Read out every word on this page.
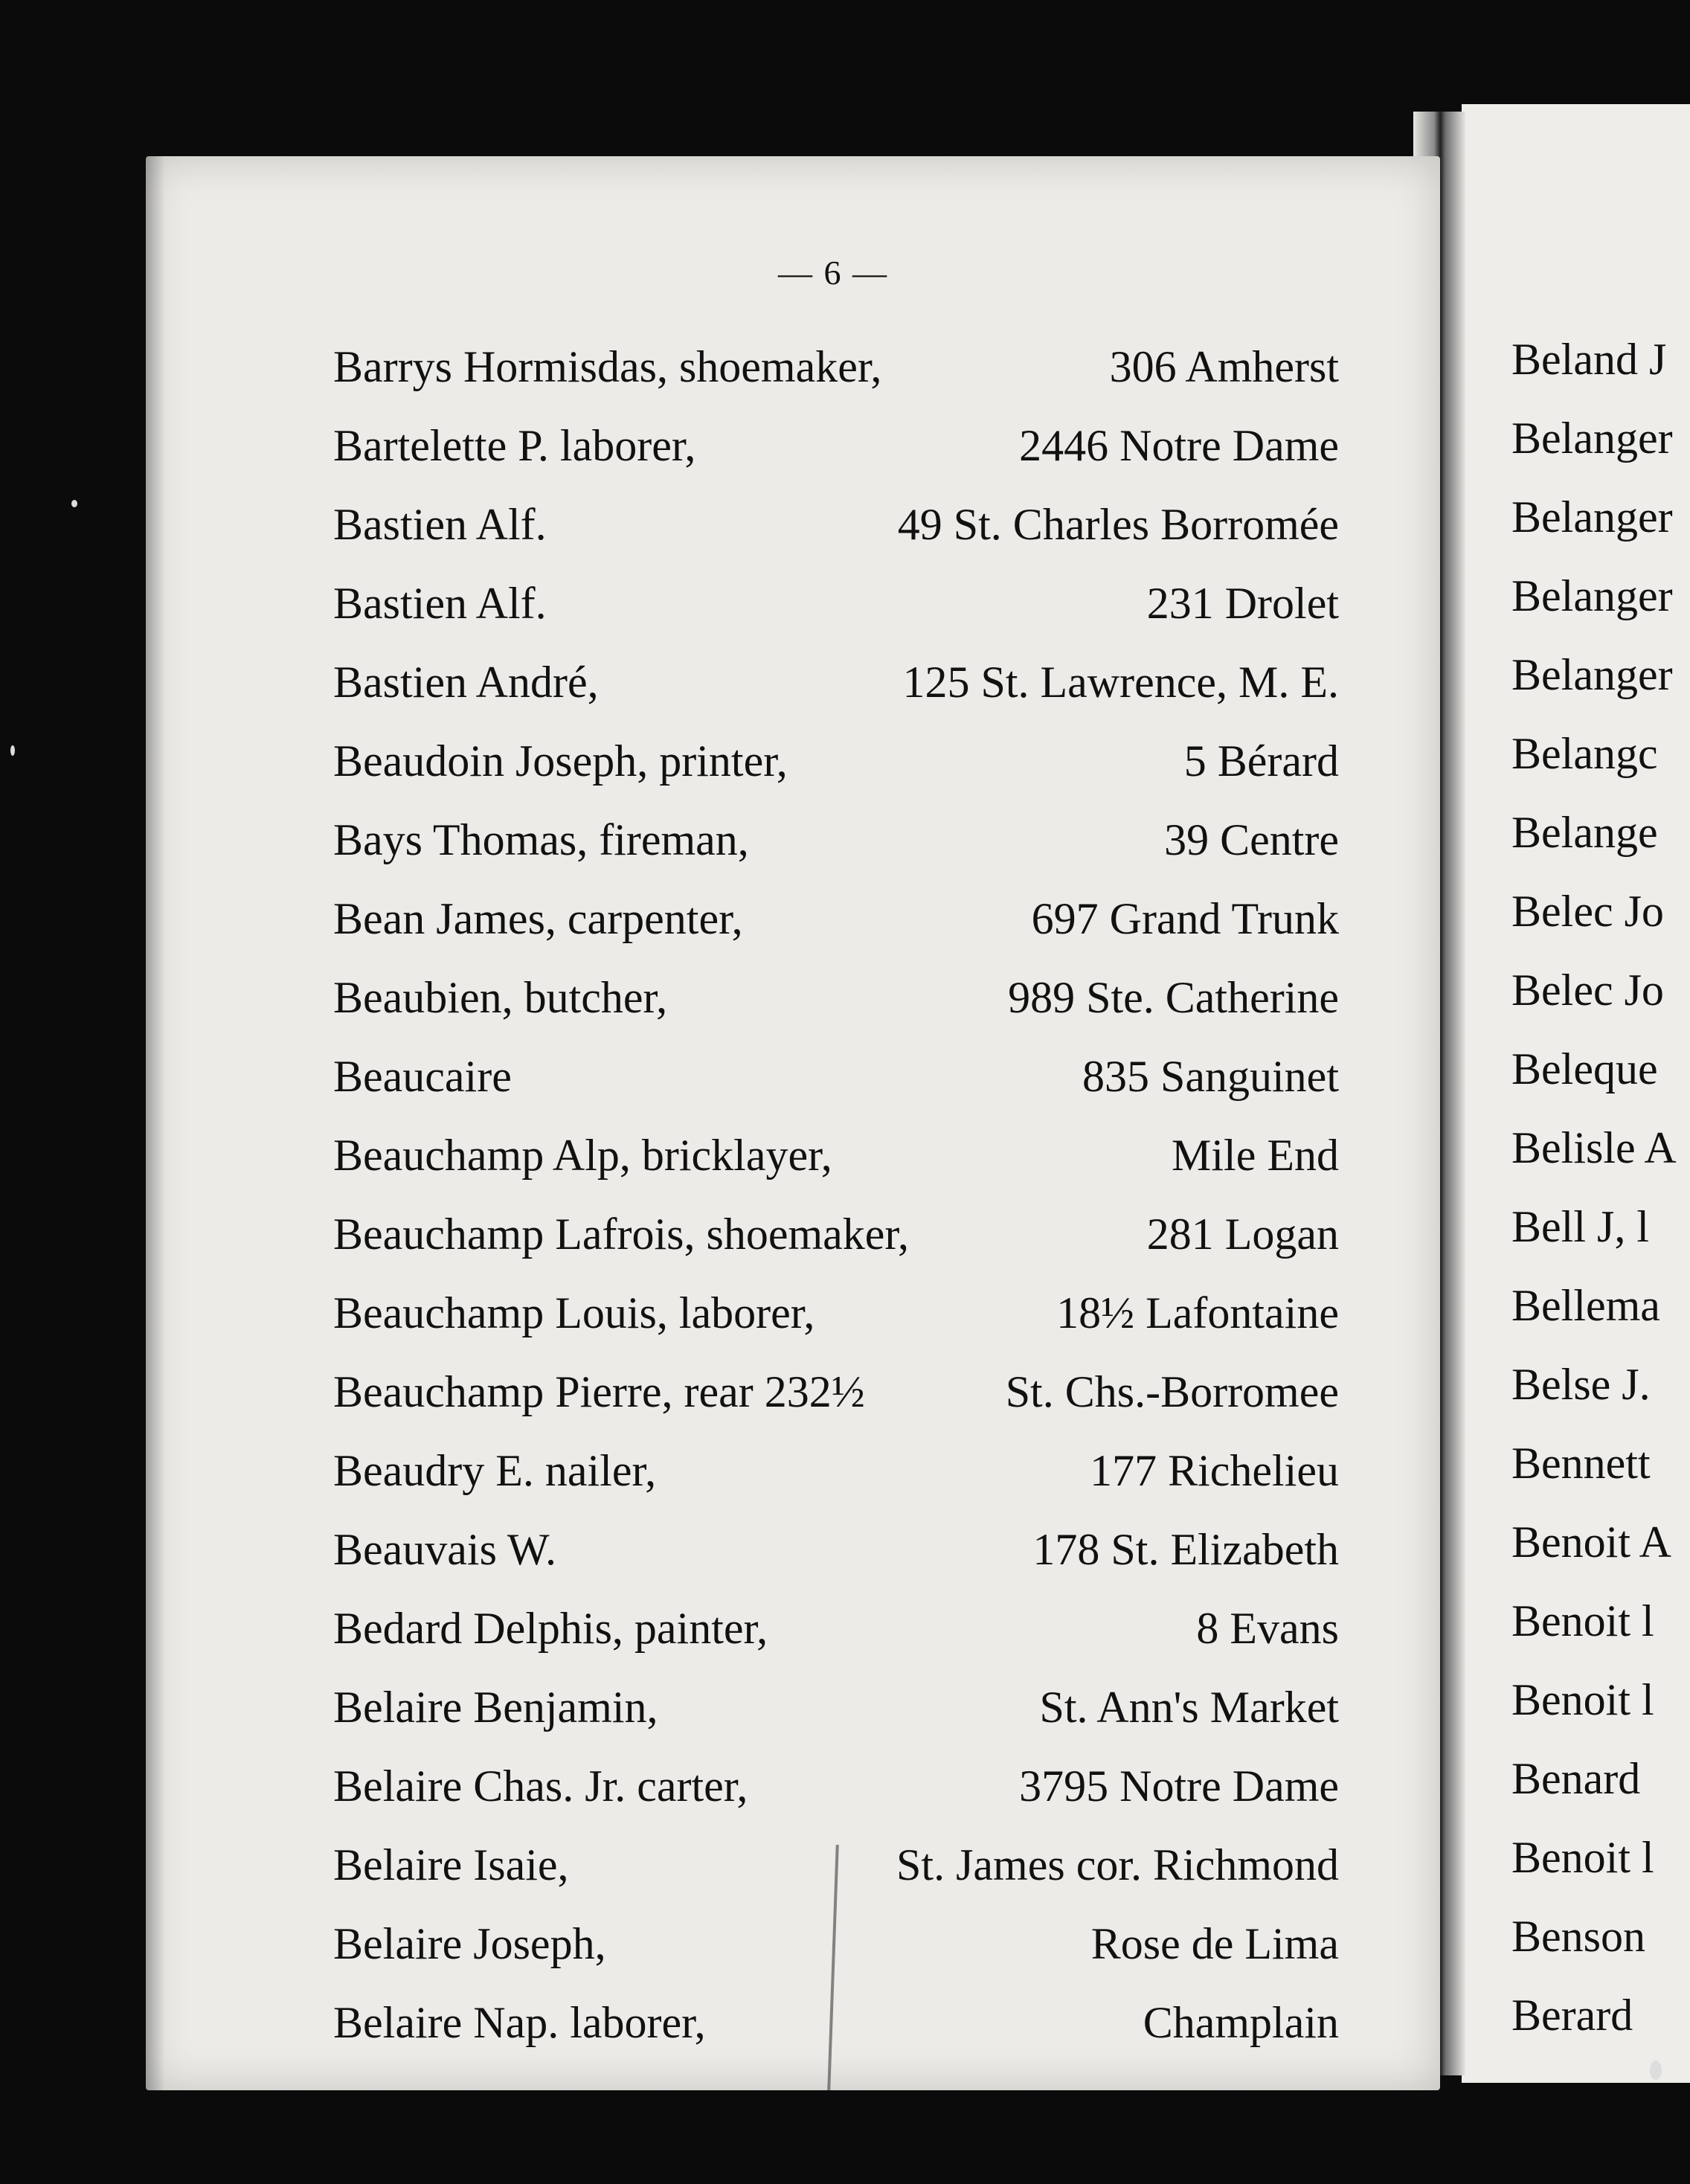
— 6 —
Barrys Hormisdas, shoemaker,	306 Amherst
Bartelette P. laborer,	2446 Notre Dame
Bastien Alf.	49 St. Charles Borromée
Bastien Alf.	231 Drolet
Bastien André,	125 St. Lawrence, M. E.
Beaudoin Joseph, printer,	5 Bérard
Bays Thomas, fireman,	39 Centre
Bean James, carpenter,	697 Grand Trunk
Beaubien, butcher,	989 Ste. Catherine
Beaucaire	835 Sanguinet
Beauchamp Alp, bricklayer,	Mile End
Beauchamp Lafrois, shoemaker,	281 Logan
Beauchamp Louis, laborer,	18½ Lafontaine
Beauchamp Pierre, rear 232½	St. Chs.-Borromee
Beaudry E. nailer,	177 Richelieu
Beauvais W.	178 St. Elizabeth
Bedard Delphis, painter,	8 Evans
Belaire Benjamin,	St. Ann's Market
Belaire Chas. Jr. carter,	3795 Notre Dame
Belaire Isaie,	St. James cor. Richmond
Belaire Joseph,	Rose de Lima
Belaire Nap. laborer,	Champlain
Beland J
Belanger
Belanger
Belanger
Belanger
Belangc
Belange
Belec Jo
Belec Jo
Beleque
Belisle A
Bell J, l
Bellema
Belse J.
Bennett
Benoit A
Benoit l
Benoit l
Benard
Benoit l
Benson
Berard
